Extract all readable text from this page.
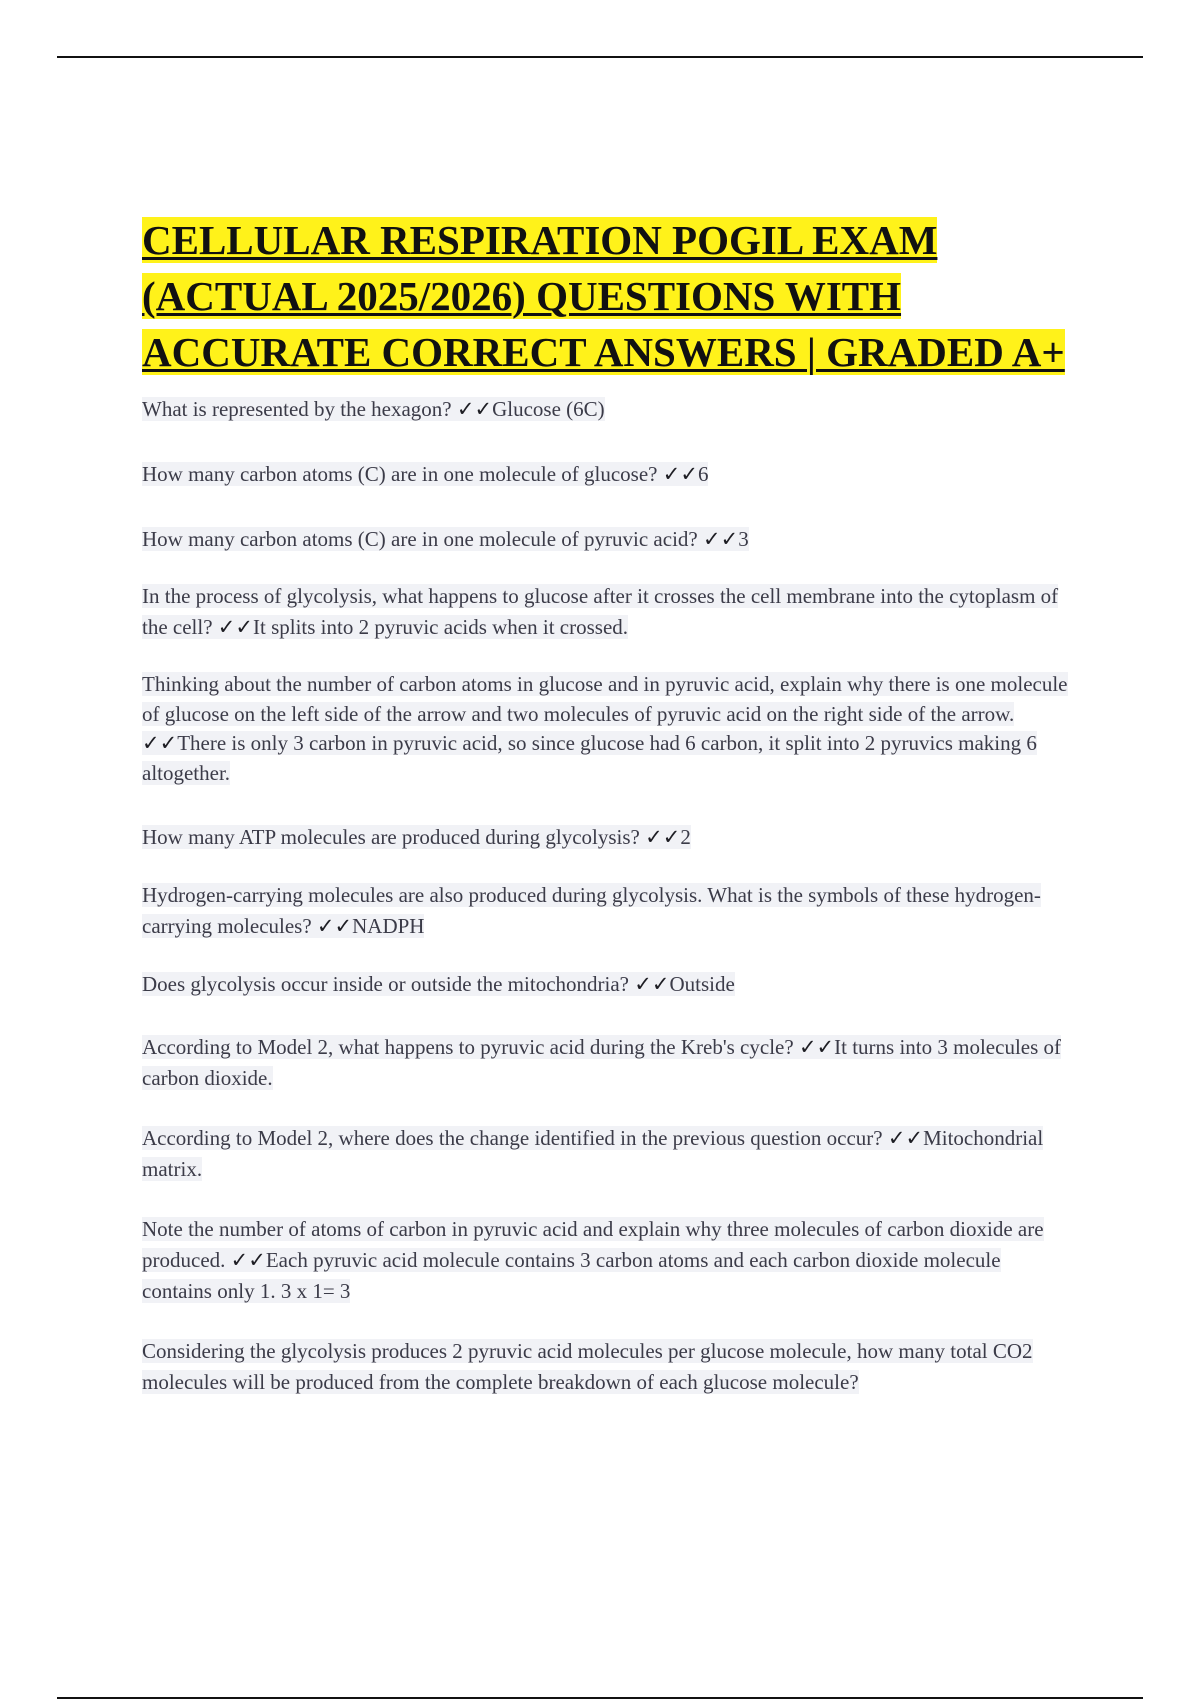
CELLULAR RESPIRATION POGIL EXAM (ACTUAL 2025/2026) QUESTIONS WITH ACCURATE CORRECT ANSWERS | GRADED A+

What is represented by the hexagon? ✓✓Glucose (6C)

How many carbon atoms (C) are in one molecule of glucose? ✓✓6

How many carbon atoms (C) are in one molecule of pyruvic acid? ✓✓3

In the process of glycolysis, what happens to glucose after it crosses the cell membrane into the cytoplasm of the cell? ✓✓It splits into 2 pyruvic acids when it crossed.

Thinking about the number of carbon atoms in glucose and in pyruvic acid, explain why there is one molecule of glucose on the left side of the arrow and two molecules of pyruvic acid on the right side of the arrow. ✓✓There is only 3 carbon in pyruvic acid, so since glucose had 6 carbon, it split into 2 pyruvics making 6 altogether.

How many ATP molecules are produced during glycolysis? ✓✓2

Hydrogen-carrying molecules are also produced during glycolysis. What is the symbols of these hydrogen-carrying molecules? ✓✓NADPH

Does glycolysis occur inside or outside the mitochondria? ✓✓Outside

According to Model 2, what happens to pyruvic acid during the Kreb's cycle? ✓✓It turns into 3 molecules of carbon dioxide.

According to Model 2, where does the change identified in the previous question occur? ✓✓Mitochondrial matrix.

Note the number of atoms of carbon in pyruvic acid and explain why three molecules of carbon dioxide are produced. ✓✓Each pyruvic acid molecule contains 3 carbon atoms and each carbon dioxide molecule contains only 1. 3 x 1= 3

Considering the glycolysis produces 2 pyruvic acid molecules per glucose molecule, how many total CO2 molecules will be produced from the complete breakdown of each glucose molecule?
